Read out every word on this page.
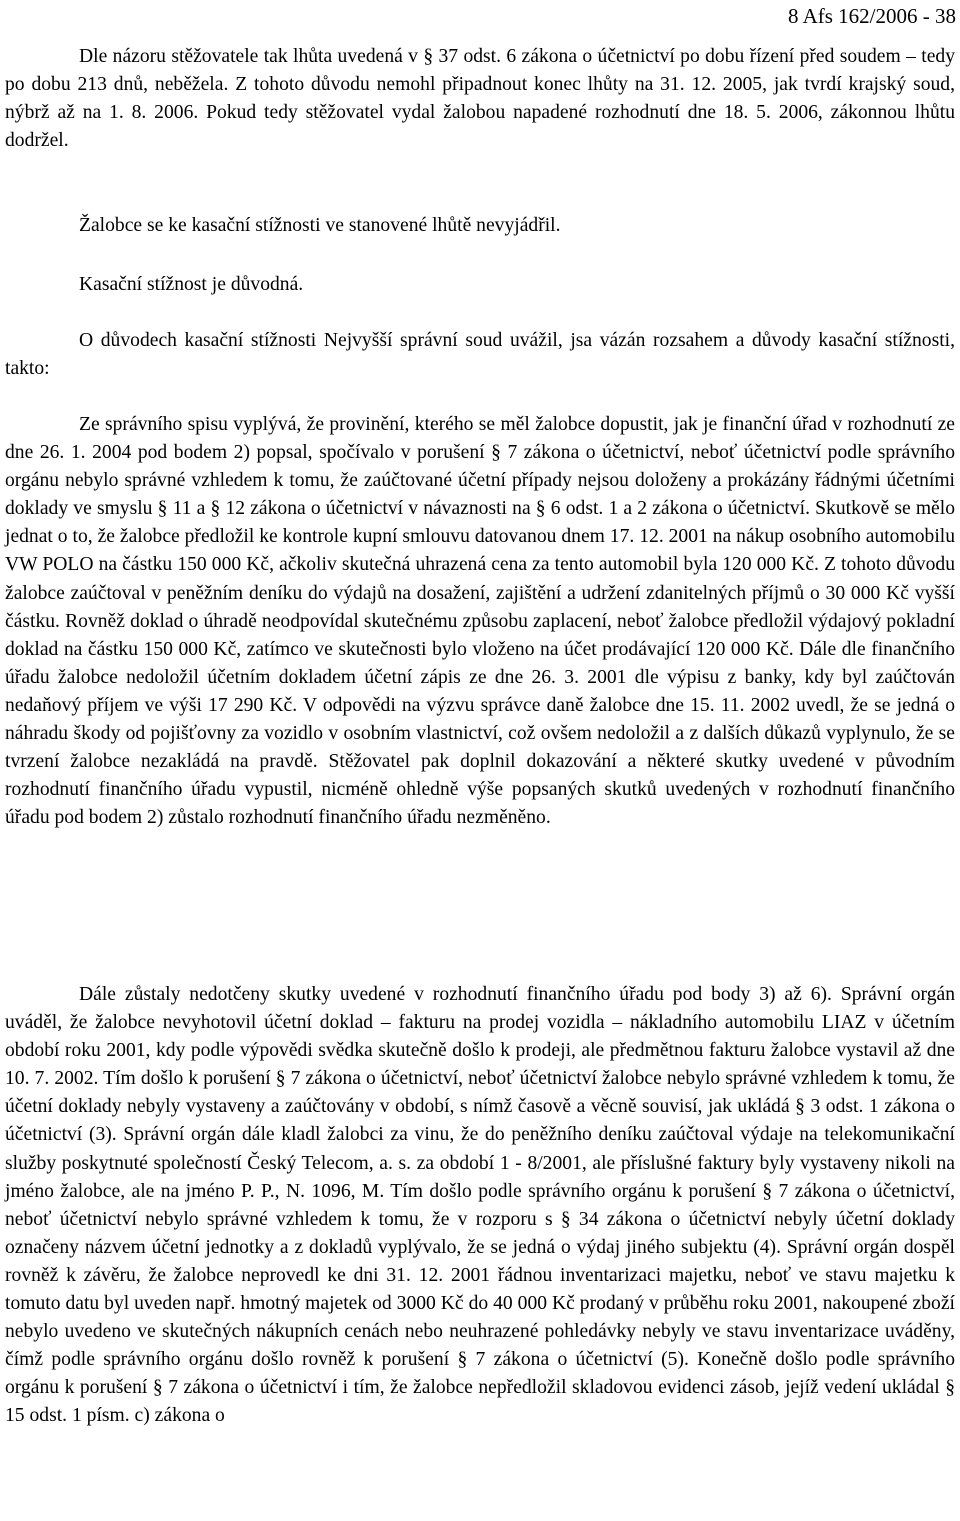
8 Afs 162/2006 - 38

Dle názoru stěžovatele tak lhůta uvedená v § 37 odst. 6 zákona o účetnictví po dobu řízení před soudem – tedy po dobu 213 dnů, neběžela. Z tohoto důvodu nemohl připadnout konec lhůty na 31. 12. 2005, jak tvrdí krajský soud, nýbrž až na 1. 8. 2006. Pokud tedy stěžovatel vydal žalobou napadené rozhodnutí dne 18. 5. 2006, zákonnou lhůtu dodržel.

Žalobce se ke kasační stížnosti ve stanovené lhůtě nevyjádřil.

Kasační stížnost je důvodná.

O důvodech kasační stížnosti Nejvyšší správní soud uvážil, jsa vázán rozsahem a důvody kasační stížnosti, takto:

Ze správního spisu vyplývá, že provinění, kterého se měl žalobce dopustit, jak je finanční úřad v rozhodnutí ze dne 26. 1. 2004 pod bodem 2) popsal, spočívalo v porušení § 7 zákona o účetnictví, neboť účetnictví podle správního orgánu nebylo správné vzhledem k tomu, že zaúčtované účetní případy nejsou doloženy a prokázány řádnými účetními doklady ve smyslu § 11 a § 12 zákona o účetnictví v návaznosti na § 6 odst. 1 a 2 zákona o účetnictví. Skutkově se mělo jednat o to, že žalobce předložil ke kontrole kupní smlouvu datovanou dnem 17. 12. 2001 na nákup osobního automobilu VW POLO na částku 150 000 Kč, ačkoliv skutečná uhrazená cena za tento automobil byla 120 000 Kč. Z tohoto důvodu žalobce zaúčtoval v peněžním deníku do výdajů na dosažení, zajištění a udržení zdanitelných příjmů o 30 000 Kč vyšší částku. Rovněž doklad o úhradě neodpovídal skutečnému způsobu zaplacení, neboť žalobce předložil výdajový pokladní doklad na částku 150 000 Kč, zatímco ve skutečnosti bylo vloženo na účet prodávající 120 000 Kč. Dále dle finančního úřadu žalobce nedoložil účetním dokladem účetní zápis ze dne 26. 3. 2001 dle výpisu z banky, kdy byl zaúčtován nedaňový příjem ve výši 17 290 Kč. V odpovědi na výzvu správce daně žalobce dne 15. 11. 2002 uvedl, že se jedná o náhradu škody od pojišťovny za vozidlo v osobním vlastnictví, což ovšem nedoložil a z dalších důkazů vyplynulo, že se tvrzení žalobce nezakládá na pravdě. Stěžovatel pak doplnil dokazování a některé skutky uvedené v původním rozhodnutí finančního úřadu vypustil, nicméně ohledně výše popsaných skutků uvedených v rozhodnutí finančního úřadu pod bodem 2) zůstalo rozhodnutí finančního úřadu nezměněno.

Dále zůstaly nedotčeny skutky uvedené v rozhodnutí finančního úřadu pod body 3) až 6). Správní orgán uváděl, že žalobce nevyhotovil účetní doklad – fakturu na prodej vozidla – nákladního automobilu LIAZ v účetním období roku 2001, kdy podle výpovědi svědka skutečně došlo k prodeji, ale předmětnou fakturu žalobce vystavil až dne 10. 7. 2002. Tím došlo k porušení § 7 zákona o účetnictví, neboť účetnictví žalobce nebylo správné vzhledem k tomu, že účetní doklady nebyly vystaveny a zaúčtovány v období, s nímž časově a věcně souvisí, jak ukládá § 3 odst. 1 zákona o účetnictví (3). Správní orgán dále kladl žalobci za vinu, že do peněžního deníku zaúčtoval výdaje na telekomunikační služby poskytnuté společností Český Telecom, a. s. za období 1 - 8/2001, ale příslušné faktury byly vystaveny nikoli na jméno žalobce, ale na jméno P. P., N. 1096, M. Tím došlo podle správního orgánu k porušení § 7 zákona o účetnictví, neboť účetnictví nebylo správné vzhledem k tomu, že v rozporu s § 34 zákona o účetnictví nebyly účetní doklady označeny názvem účetní jednotky a z dokladů vyplývalo, že se jedná o výdaj jiného subjektu (4). Správní orgán dospěl rovněž k závěru, že žalobce neprovedl ke dni 31. 12. 2001 řádnou inventarizaci majetku, neboť ve stavu majetku k tomuto datu byl uveden např. hmotný majetek od 3000 Kč do 40 000 Kč prodaný v průběhu roku 2001, nakoupené zboží nebylo uvedeno ve skutečných nákupních cenách nebo neuhrazené pohledávky nebyly ve stavu inventarizace uváděny, čímž podle správního orgánu došlo rovněž k porušení § 7 zákona o účetnictví (5). Konečně došlo podle správního orgánu k porušení § 7 zákona o účetnictví i tím, že žalobce nepředložil skladovou evidenci zásob, jejíž vedení ukládal § 15 odst. 1 písm. c) zákona o
